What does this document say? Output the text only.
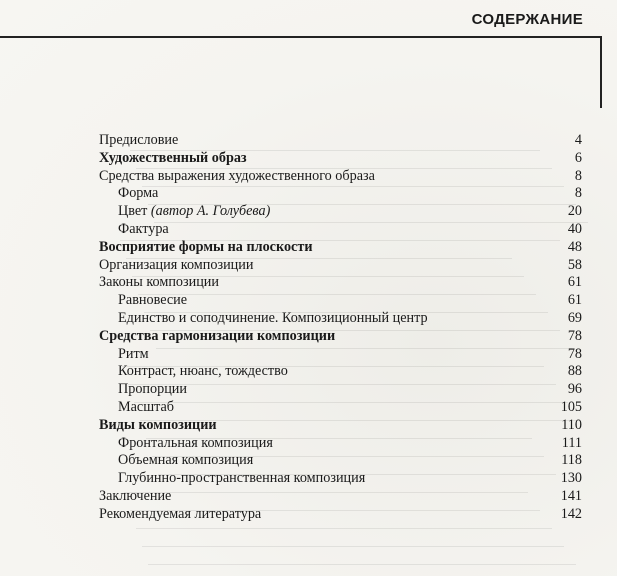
СОДЕРЖАНИЕ
Предисловие	4
Художественный образ	6
Средства выражения художественного образа	8
Форма	8
Цвет (автор А. Голубева)	20
Фактура	40
Восприятие формы на плоскости	48
Организация композиции	58
Законы композиции	61
Равновесие	61
Единство и соподчинение. Композиционный центр	69
Средства гармонизации композиции	78
Ритм	78
Контраст, нюанс, тождество	88
Пропорции	96
Масштаб	105
Виды композиции	110
Фронтальная композиция	111
Объемная композиция	118
Глубинно-пространственная композиция	130
Заключение	141
Рекомендуемая литература	142
